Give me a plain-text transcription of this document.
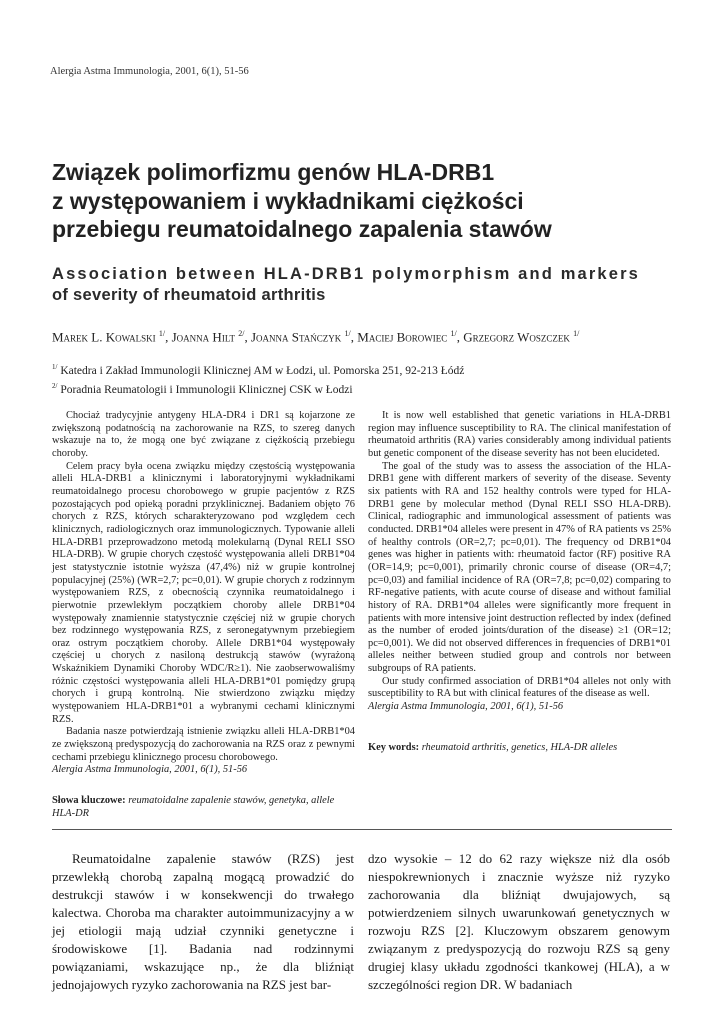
Alergia Astma Immunologia, 2001, 6(1), 51-56
Związek polimorfizmu genów HLA-DRB1
z występowaniem i wykładnikami ciężkości
przebiegu reumatoidalnego zapalenia stawów
Association between HLA-DRB1 polymorphism and markers
of severity of rheumatoid arthritis
Marek L. Kowalski $^{1/}$, Joanna Hilt $^{2/}$, Joanna Stańczyk $^{1/}$, Maciej Borowiec $^{1/}$, Grzegorz Woszczek $^{1/}$
$^{1/}$ Katedra i Zakład Immunologii Klinicznej AM w Łodzi, ul. Pomorska 251, 92-213 Łódź
$^{2/}$ Poradnia Reumatologii i Immunologii Klinicznej CSK w Łodzi

Chociaż tradycyjnie antygeny HLA-DR4 i DR1 są kojarzone ze zwiększoną podatnością na zachorowanie na RZS, to szereg danych wskazuje na to, że mogą one być związane z ciężkością przebiegu choroby.

Celem pracy była ocena związku między częstością występowania alleli HLA-DRB1 a klinicznymi i laboratoryjnymi wykładnikami reumatoidalnego procesu chorobowego w grupie pacjentów z RZS pozostających pod opieką poradni przyklinicznej. Badaniem objęto 76 chorych z RZS, których scharakteryzowano pod względem cech klinicznych, radiologicznych oraz immunologicznych. Typowanie alleli HLA-DRB1 przeprowadzono metodą molekularną (Dynal RELI SSO HLA-DRB). W grupie chorych częstość występowania alleli DRB1*04 jest statystycznie istotnie wyższa (47,4%) niż w grupie kontrolnej populacyjnej (25%) (WR=2,7; pc=0,01). W grupie chorych z rodzinnym występowaniem RZS, z obecnością czynnika reumatoidalnego i pierwotnie przewlekłym początkiem choroby allele DRB1*04 występowały znamiennie statystycznie częściej niż w grupie chorych bez rodzinnego występowania RZS, z seronegatywnym przebiegiem oraz ostrym początkiem choroby. Allele DRB1*04 występowały częściej u chorych z nasiloną destrukcją stawów (wyrażoną Wskaźnikiem Dynamiki Choroby WDC/R≥1). Nie zaobserwowaliśmy różnic częstości występowania alleli HLA-DRB1*01 pomiędzy grupą chorych i grupą kontrolną. Nie stwierdzono związku między występowaniem HLA-DRB1*01 a wybranymi cechami klinicznymi RZS.

Badania nasze potwierdzają istnienie związku alleli HLA-DRB1*04 ze zwiększoną predyspozycją do zachorowania na RZS oraz z pewnymi cechami przebiegu klinicznego procesu chorobowego.

Alergia Astma Immunologia, 2001, 6(1), 51-56

Słowa kluczowe: reumatoidalne zapalenie stawów, genetyka, allele HLA-DR

It is now well established that genetic variations in HLA-DRB1 region may influence susceptibility to RA. The clinical manifestation of rheumatoid arthritis (RA) varies considerably among individual patients but genetic component of the disease severity has not been elucideted.

The goal of the study was to assess the association of the HLA-DRB1 gene with different markers of severity of the disease. Seventy six patients with RA and 152 healthy controls were typed for HLA-DRB1 gene by molecular method (Dynal RELI SSO HLA-DRB). Clinical, radiographic and immunological assessment of patients was conducted. DRB1*04 alleles were present in 47% of RA patients vs 25% of healthy controls (OR=2,7; pc=0,01). The frequency od DRB1*04 genes was higher in patients with: rheumatoid factor (RF) positive RA (OR=14,9; pc=0,001), primarily chronic course of disease (OR=4,7; pc=0,03) and familial incidence of RA (OR=7,8; pc=0,02) comparing to RF-negative patients, with acute course of disease and without familial history of RA. DRB1*04 alleles were significantly more frequent in patients with more intensive joint destruction reflected by index (defined as the number of eroded joints/duration of the disease) ≥1 (OR=12; pc=0,001). We did not observed differences in frequencies of DRB1*01 alleles neither between studied group and controls nor between subgroups of RA patients.

Our study confirmed association of DRB1*04 alleles not only with susceptibility to RA but with clinical features of the disease as well.

Alergia Astma Immunologia, 2001, 6(1), 51-56

Key words: rheumatoid arthritis, genetics, HLA-DR alleles

Reumatoidalne zapalenie stawów (RZS) jest przewlekłą chorobą zapalną mogącą prowadzić do destrukcji stawów i w konsekwencji do trwałego kalectwa. Choroba ma charakter autoimmunizacyjny a w jej etiologii mają udział czynniki genetyczne i środowiskowe [1]. Badania nad rodzinnymi powiązaniami, wskazujące np., że dla bliźniąt jednojajowych ryzyko zachorowania na RZS jest bar-

dzo wysokie – 12 do 62 razy większe niż dla osób niespokrewnionych i znacznie wyższe niż ryzyko zachorowania dla bliźniąt dwujajowych, są potwierdzeniem silnych uwarunkowań genetycznych w rozwoju RZS [2]. Kluczowym obszarem genowym związanym z predyspozycją do rozwoju RZS są geny drugiej klasy układu zgodności tkankowej (HLA), a w szczególności region DR. W badaniach
